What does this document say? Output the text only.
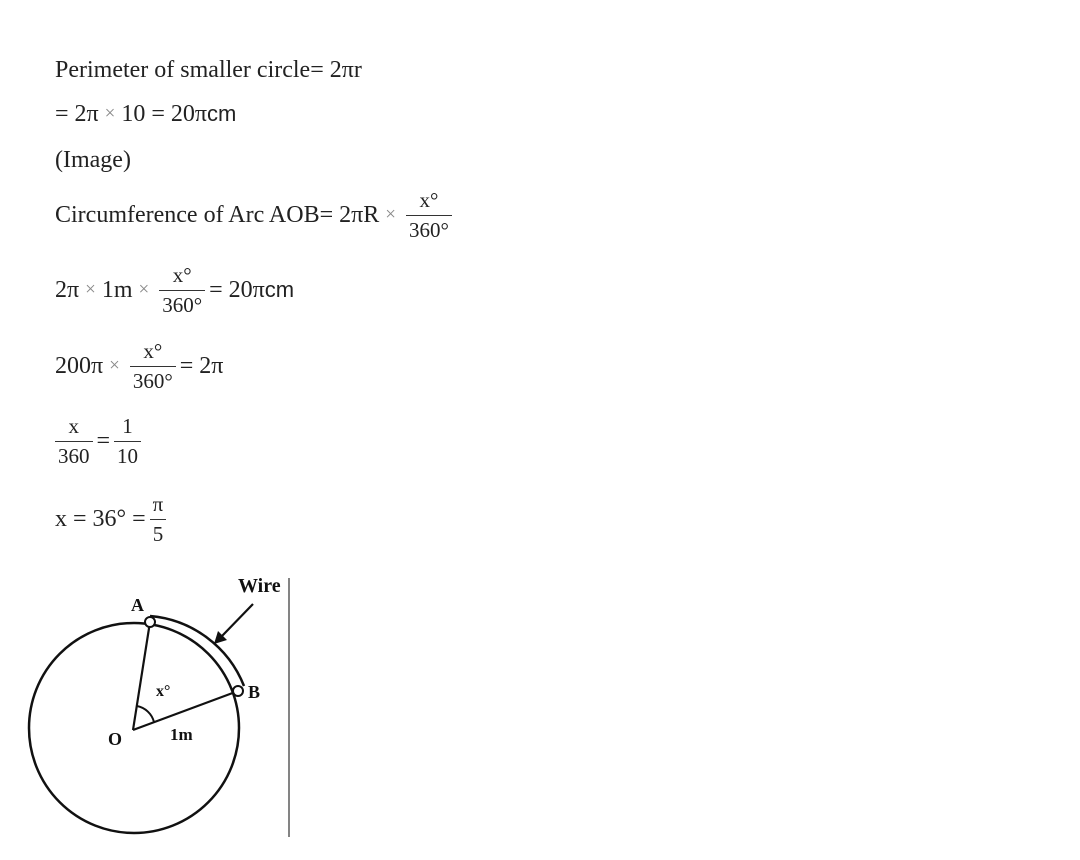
Perimeter of smaller circle= 2πr
= 2π × 10 = 20π cm
(Image)
Circumference of Arc $AOB= 2\pi R \times \frac{x^\circ}{360^\circ}$
$2\pi \times 1m \times \frac{x^\circ}{360^\circ} = 20\pi$ cm
$200\pi \times \frac{x^\circ}{360^\circ} = 2\pi$
$\frac{x}{360} = \frac{1}{10}$
$x = 36^\circ = \frac{\pi}{5}$
Wire
A
B
O
x°
1m
